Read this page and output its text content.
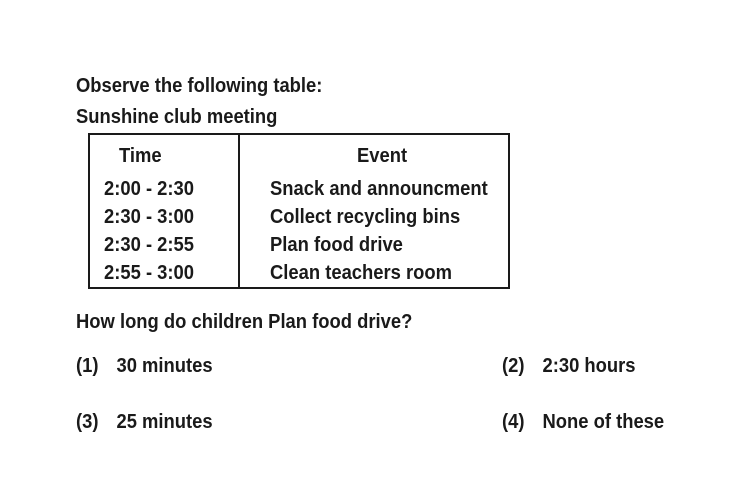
Observe the following table:
Sunshine club meeting
Time	Event
2:00 - 2:30	Snack and announcment
2:30 - 3:00	Collect recycling bins
2:30 - 2:55	Plan food drive
2:55 - 3:00	Clean teachers room
How long do children Plan food drive?
(1) 30 minutes	(2) 2:30 hours
(3) 25 minutes	(4) None of these
